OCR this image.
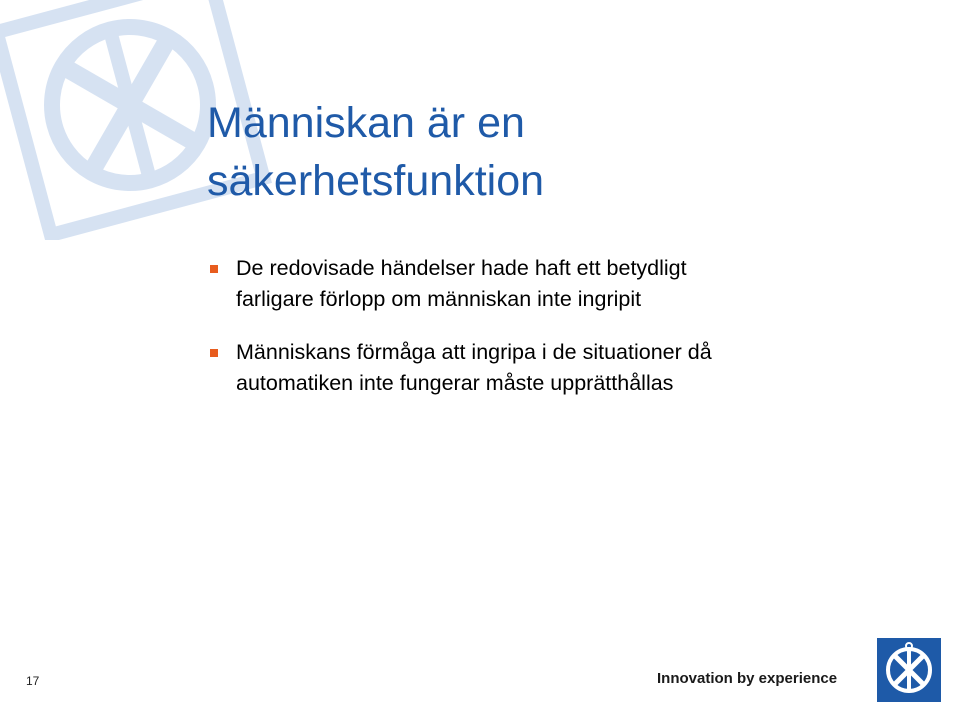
Människan är en
säkerhetsfunktion
De redovisade händelser hade haft ett betydligt
farligare förlopp om människan inte ingripit
Människans förmåga att ingripa i de situationer då
automatiken inte fungerar måste upprätthållas
17	Innovation by experience
